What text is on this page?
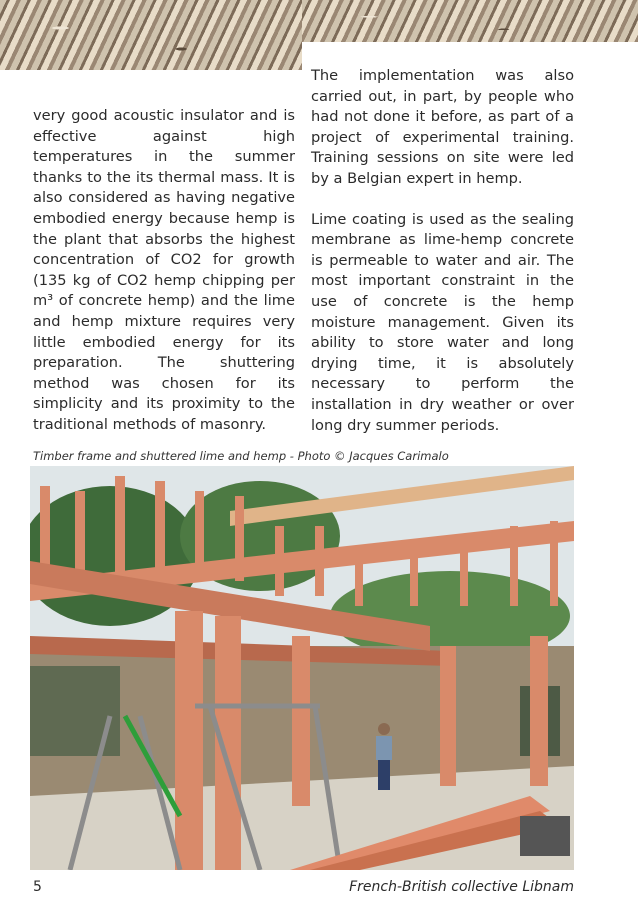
very good acoustic insulator and is effective against high temperatures in the summer thanks to the its thermal mass. It is also considered as having negative embodied energy because hemp is the plant that absorbs the highest concentration of CO2 for growth (135 kg of CO2 hemp chipping per m³ of concrete hemp) and the lime and hemp mixture requires very little embodied energy for its preparation. The shuttering method was chosen for its simplicity and its proximity to the traditional methods of masonry.

The implementation was also carried out, in part, by people who had not done it before, as part of a project of experimental training. Training sessions on site were led by a Belgian expert in hemp.

Lime coating is used as the sealing membrane as lime-hemp concrete is permeable to water and air. The most important constraint in the use of concrete is the hemp moisture management. Given its ability to store water and long drying time, it is absolutely necessary to perform the installation in dry weather or over long dry summer periods.

Timber frame and shuttered lime and hemp - Photo © Jacques Carimalo
5	French-British collective Libnam
